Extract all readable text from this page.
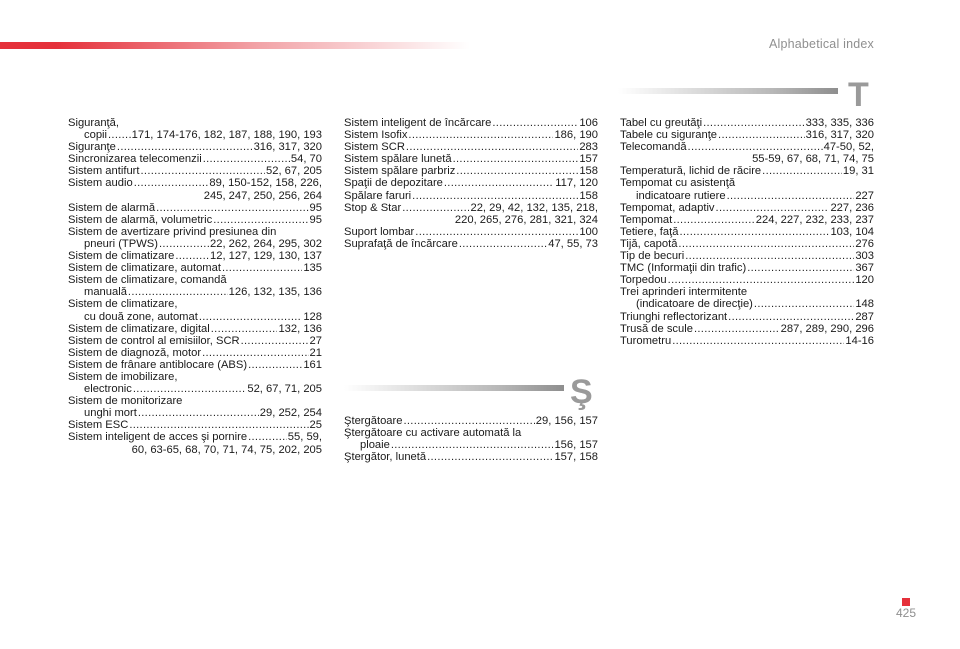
Alphabetical index
T
Ş
Siguranţă,
copii ..... 171, 174-176, 182, 187, 188, 190, 193
Siguranţe .....	316, 317, 320
Sincronizarea telecomenzii .....	54, 70
Sistem antifurt .....	52, 67, 205
Sistem audio .....	89, 150-152, 158, 226,
245, 247, 250, 256, 264
Sistem de alarmă .....	95
Sistem de alarmă, volumetric .....	95
Sistem de avertizare privind presiunea din
pneuri (TPWS) .....	22, 262, 264, 295, 302
Sistem de climatizare .....	12, 127, 129, 130, 137
Sistem de climatizare, automat .....	135
Sistem de climatizare, comandă
manuală .....	126, 132, 135, 136
Sistem de climatizare,
cu două zone, automat .....	128
Sistem de climatizare, digital .....	132, 136
Sistem de control al emisiilor, SCR .....	27
Sistem de diagnoză, motor .....	21
Sistem de frânare antiblocare (ABS) .....	161
Sistem de imobilizare,
electronic .....	52, 67, 71, 205
Sistem de monitorizare
unghi mort .....	29, 252, 254
Sistem ESC .....	25
Sistem inteligent de acces şi pornire .....	55, 59,
60, 63-65, 68, 70, 71, 74, 75, 202, 205
Sistem inteligent de încărcare .....	106
Sistem Isofix .....	186, 190
Sistem SCR .....	283
Sistem spălare lunetă .....	157
Sistem spălare parbriz .....	158
Spaţii de depozitare .....	117, 120
Spălare faruri .....	158
Stop & Star .....	22, 29, 42, 132, 135, 218,
220, 265, 276, 281, 321, 324
Suport lombar .....	100
Suprafaţă de încărcare .....	47, 55, 73
Ştergătoare .....	29, 156, 157
Ştergătoare cu activare automată la
ploaie .....	156, 157
Ştergător, lunetă .....	157, 158
Tabel cu greutăţi .....	333, 335, 336
Tabele cu siguranţe .....	316, 317, 320
Telecomandă .....	47-50, 52,
55-59, 67, 68, 71, 74, 75
Temperatură, lichid de răcire .....	19, 31
Tempomat cu asistenţă
indicatoare rutiere .....	227
Tempomat, adaptiv .....	227, 236
Tempomat .....	224, 227, 232, 233, 237
Tetiere, faţă .....	103, 104
Tijă, capotă .....	276
Tip de becuri .....	303
TMC (Informaţii din trafic) .....	367
Torpedou .....	120
Trei aprinderi intermitente
(indicatoare de direcţie) .....	148
Triunghi reflectorizant .....	287
Trusă de scule .....	287, 289, 290, 296
Turometru .....	14-16
425
